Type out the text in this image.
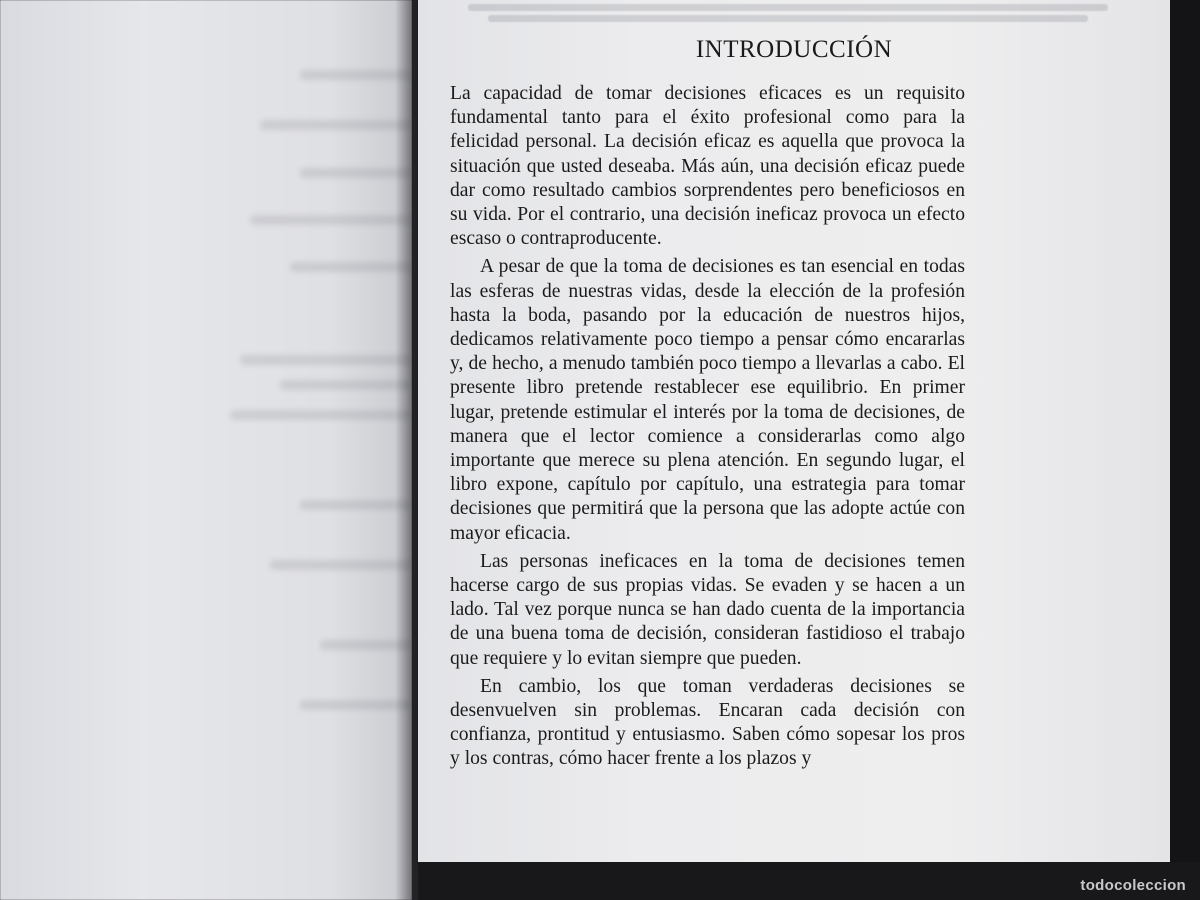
INTRODUCCIÓN

La capacidad de tomar decisiones eficaces es un requisito fundamental tanto para el éxito profesional como para la felicidad personal. La decisión eficaz es aquella que provoca la situación que usted deseaba. Más aún, una decisión eficaz puede dar como resultado cambios sorprendentes pero beneficiosos en su vida. Por el contrario, una decisión ineficaz provoca un efecto escaso o contraproducente.

A pesar de que la toma de decisiones es tan esencial en todas las esferas de nuestras vidas, desde la elección de la profesión hasta la boda, pasando por la educación de nuestros hijos, dedicamos relativamente poco tiempo a pensar cómo encararlas y, de hecho, a menudo también poco tiempo a llevarlas a cabo. El presente libro pretende restablecer ese equilibrio. En primer lugar, pretende estimular el interés por la toma de decisiones, de manera que el lector comience a considerarlas como algo importante que merece su plena atención. En segundo lugar, el libro expone, capítulo por capítulo, una estrategia para tomar decisiones que permitirá que la persona que las adopte actúe con mayor eficacia.

Las personas ineficaces en la toma de decisiones temen hacerse cargo de sus propias vidas. Se evaden y se hacen a un lado. Tal vez porque nunca se han dado cuenta de la importancia de una buena toma de decisión, consideran fastidioso el trabajo que requiere y lo evitan siempre que pueden.

En cambio, los que toman verdaderas decisiones se desenvuelven sin problemas. Encaran cada decisión con confianza, prontitud y entusiasmo. Saben cómo sopesar los pros y los contras, cómo hacer frente a los plazos y

todocoleccion
